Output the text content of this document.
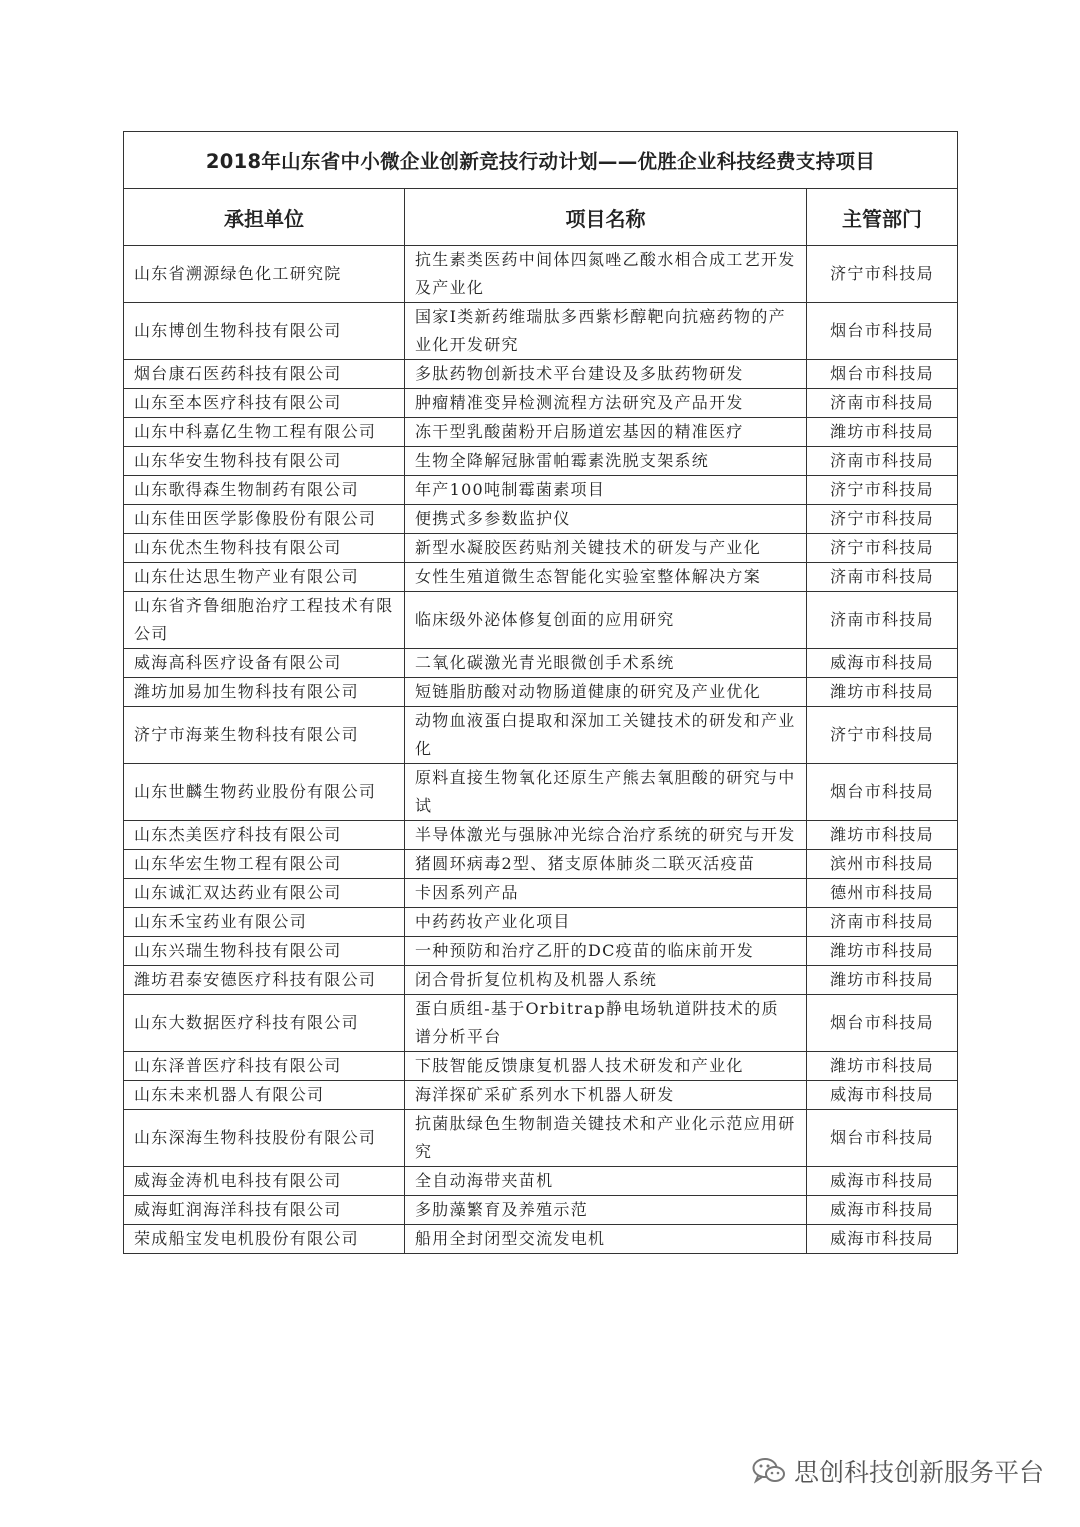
2018年山东省中小微企业创新竞技行动计划——优胜企业科技经费支持项目		
承担单位	项目名称	主管部门
山东省溯源绿色化工研究院	抗生素类医药中间体四氮唑乙酸水相合成工艺开发及产业化	济宁市科技局
山东博创生物科技有限公司	国家Ⅰ类新药维瑞肽多西紫杉醇靶向抗癌药物的产业化开发研究	烟台市科技局
烟台康石医药科技有限公司	多肽药物创新技术平台建设及多肽药物研发	烟台市科技局
山东至本医疗科技有限公司	肿瘤精准变异检测流程方法研究及产品开发	济南市科技局
山东中科嘉亿生物工程有限公司	冻干型乳酸菌粉开启肠道宏基因的精准医疗	潍坊市科技局
山东华安生物科技有限公司	生物全降解冠脉雷帕霉素洗脱支架系统	济南市科技局
山东歌得森生物制药有限公司	年产100吨制霉菌素项目	济宁市科技局
山东佳田医学影像股份有限公司	便携式多参数监护仪	济宁市科技局
山东优杰生物科技有限公司	新型水凝胶医药贴剂关键技术的研发与产业化	济宁市科技局
山东仕达思生物产业有限公司	女性生殖道微生态智能化实验室整体解决方案	济南市科技局
山东省齐鲁细胞治疗工程技术有限公司	临床级外泌体修复创面的应用研究	济南市科技局
威海高科医疗设备有限公司	二氧化碳激光青光眼微创手术系统	威海市科技局
潍坊加易加生物科技有限公司	短链脂肪酸对动物肠道健康的研究及产业优化	潍坊市科技局
济宁市海莱生物科技有限公司	动物血液蛋白提取和深加工关键技术的研发和产业化	济宁市科技局
山东世麟生物药业股份有限公司	原料直接生物氧化还原生产熊去氧胆酸的研究与中试	烟台市科技局
山东杰美医疗科技有限公司	半导体激光与强脉冲光综合治疗系统的研究与开发	潍坊市科技局
山东华宏生物工程有限公司	猪圆环病毒2型、猪支原体肺炎二联灭活疫苗	滨州市科技局
山东诚汇双达药业有限公司	卡因系列产品	德州市科技局
山东禾宝药业有限公司	中药药妆产业化项目	济南市科技局
山东兴瑞生物科技有限公司	一种预防和治疗乙肝的DC疫苗的临床前开发	潍坊市科技局
潍坊君泰安德医疗科技有限公司	闭合骨折复位机构及机器人系统	潍坊市科技局
山东大数据医疗科技有限公司	蛋白质组-基于Orbitrap静电场轨道阱技术的质谱分析平台	烟台市科技局
山东泽普医疗科技有限公司	下肢智能反馈康复机器人技术研发和产业化	潍坊市科技局
山东未来机器人有限公司	海洋探矿采矿系列水下机器人研发	威海市科技局
山东深海生物科技股份有限公司	抗菌肽绿色生物制造关键技术和产业化示范应用研究	烟台市科技局
威海金涛机电科技有限公司	全自动海带夹苗机	威海市科技局
威海虹润海洋科技有限公司	多肋藻繁育及养殖示范	威海市科技局
荣成船宝发电机股份有限公司	船用全封闭型交流发电机	威海市科技局
思创科技创新服务平台
